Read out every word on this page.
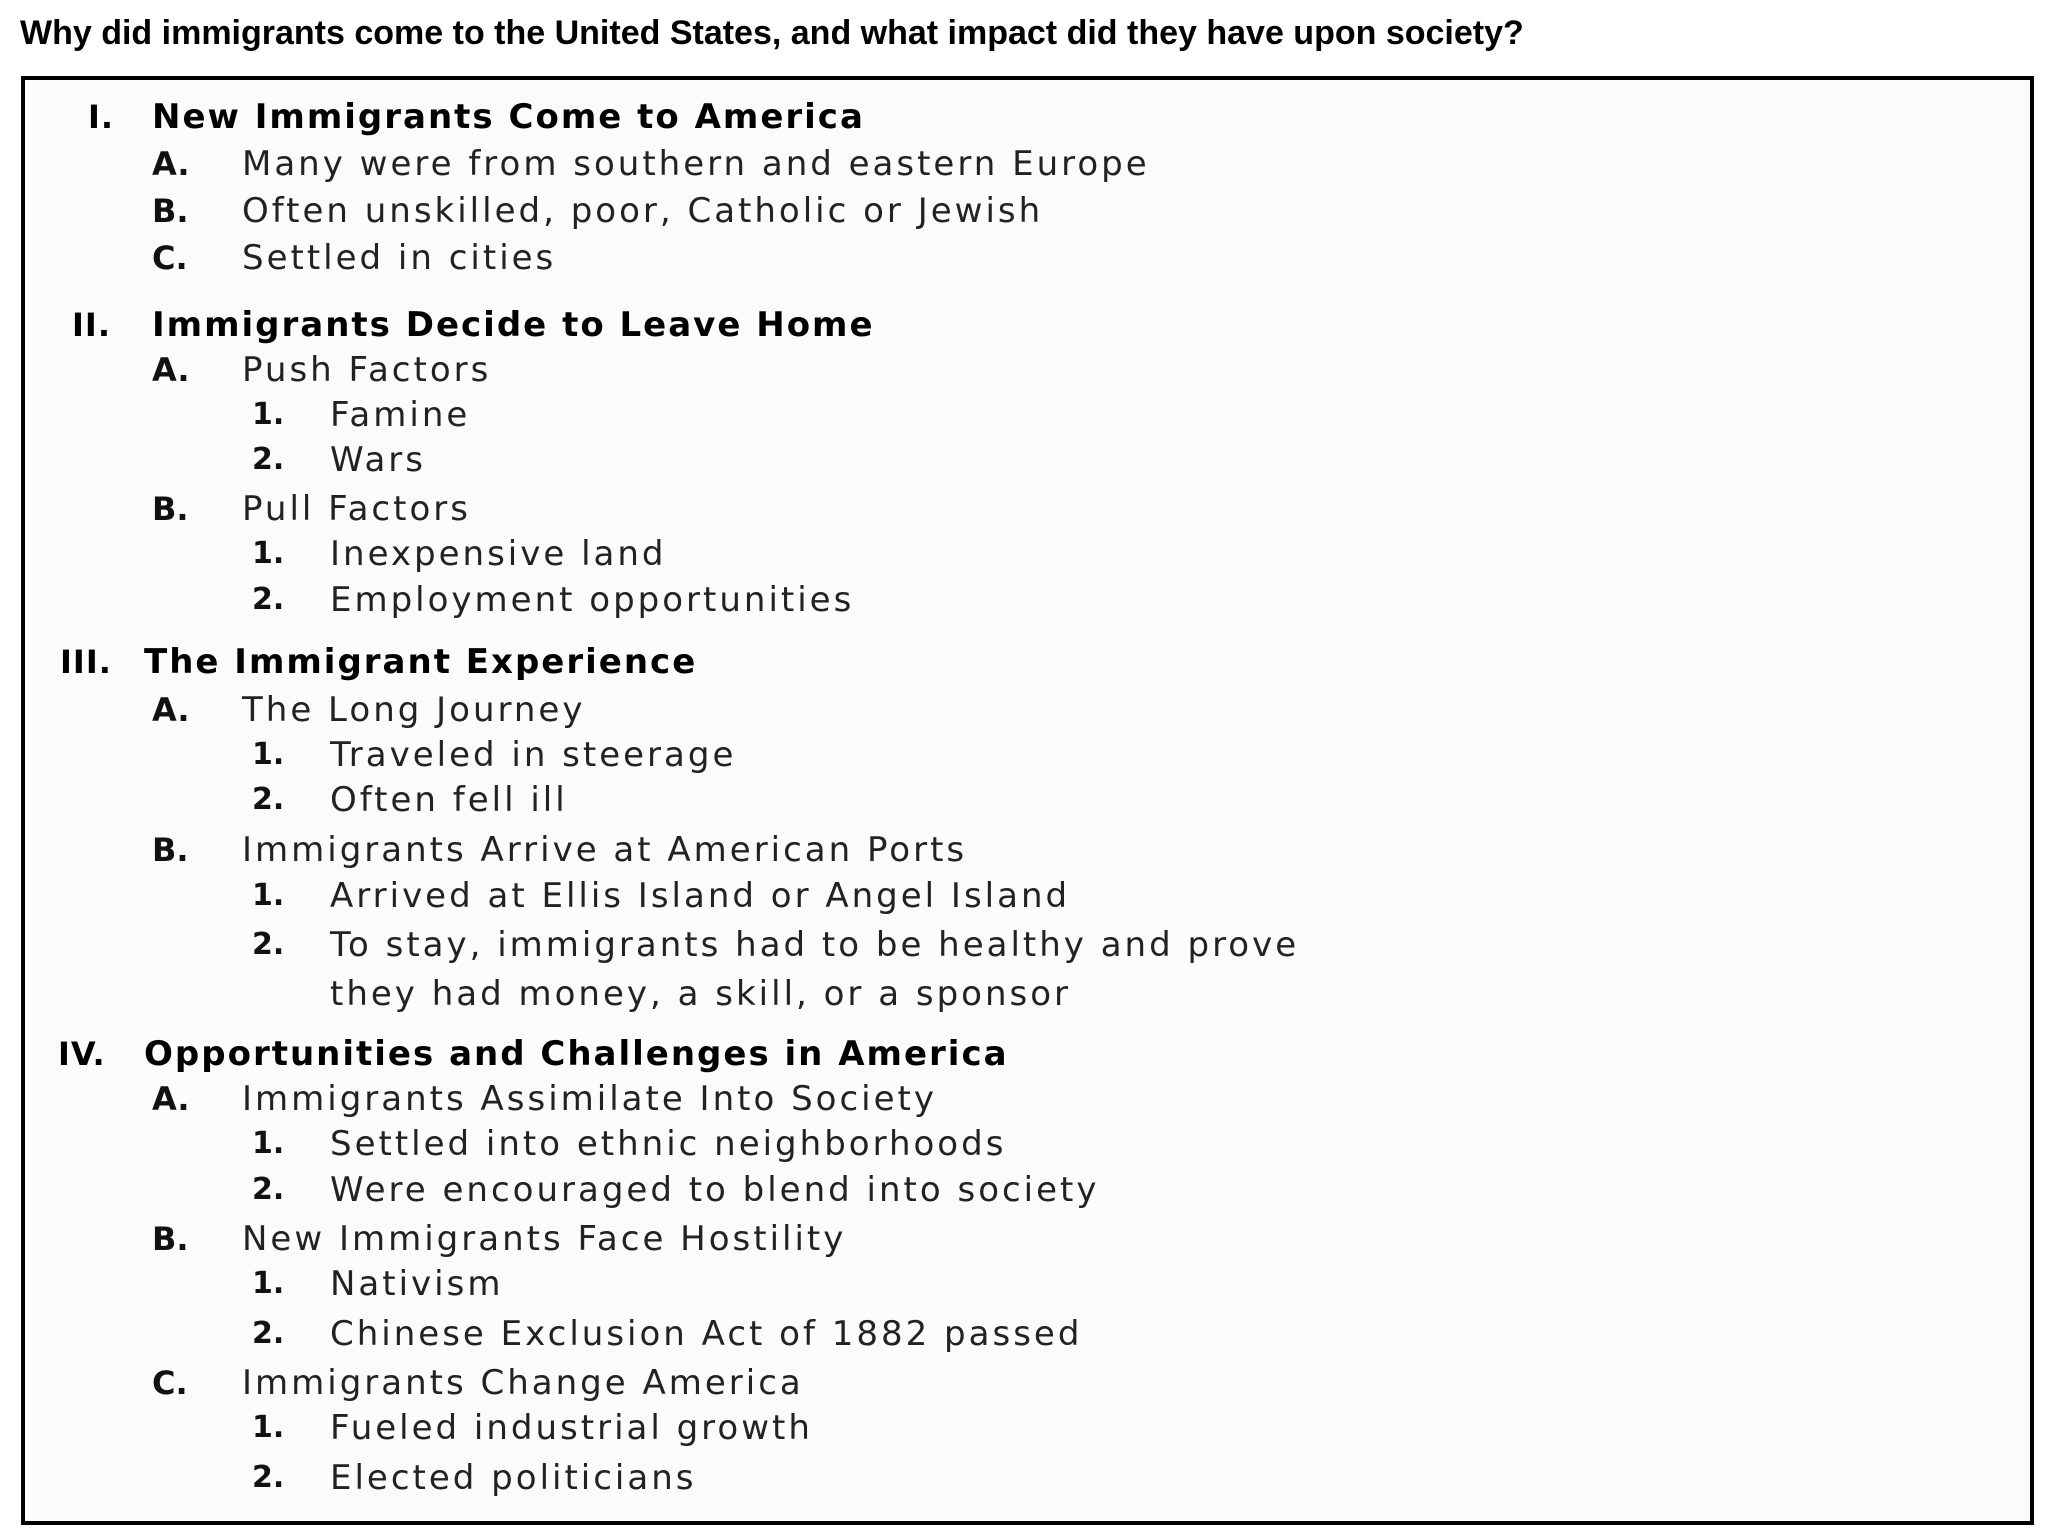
Why did immigrants come to the United States, and what impact did they have upon society?
I. New Immigrants Come to America
A. Many were from southern and eastern Europe
B. Often unskilled, poor, Catholic or Jewish
C. Settled in cities
II. Immigrants Decide to Leave Home
A. Push Factors
1. Famine
2. Wars
B. Pull Factors
1. Inexpensive land
2. Employment opportunities
III. The Immigrant Experience
A. The Long Journey
1. Traveled in steerage
2. Often fell ill
B. Immigrants Arrive at American Ports
1. Arrived at Ellis Island or Angel Island
2. To stay, immigrants had to be healthy and prove
they had money, a skill, or a sponsor
IV. Opportunities and Challenges in America
A. Immigrants Assimilate Into Society
1. Settled into ethnic neighborhoods
2. Were encouraged to blend into society
B. New Immigrants Face Hostility
1. Nativism
2. Chinese Exclusion Act of 1882 passed
C. Immigrants Change America
1. Fueled industrial growth
2. Elected politicians
